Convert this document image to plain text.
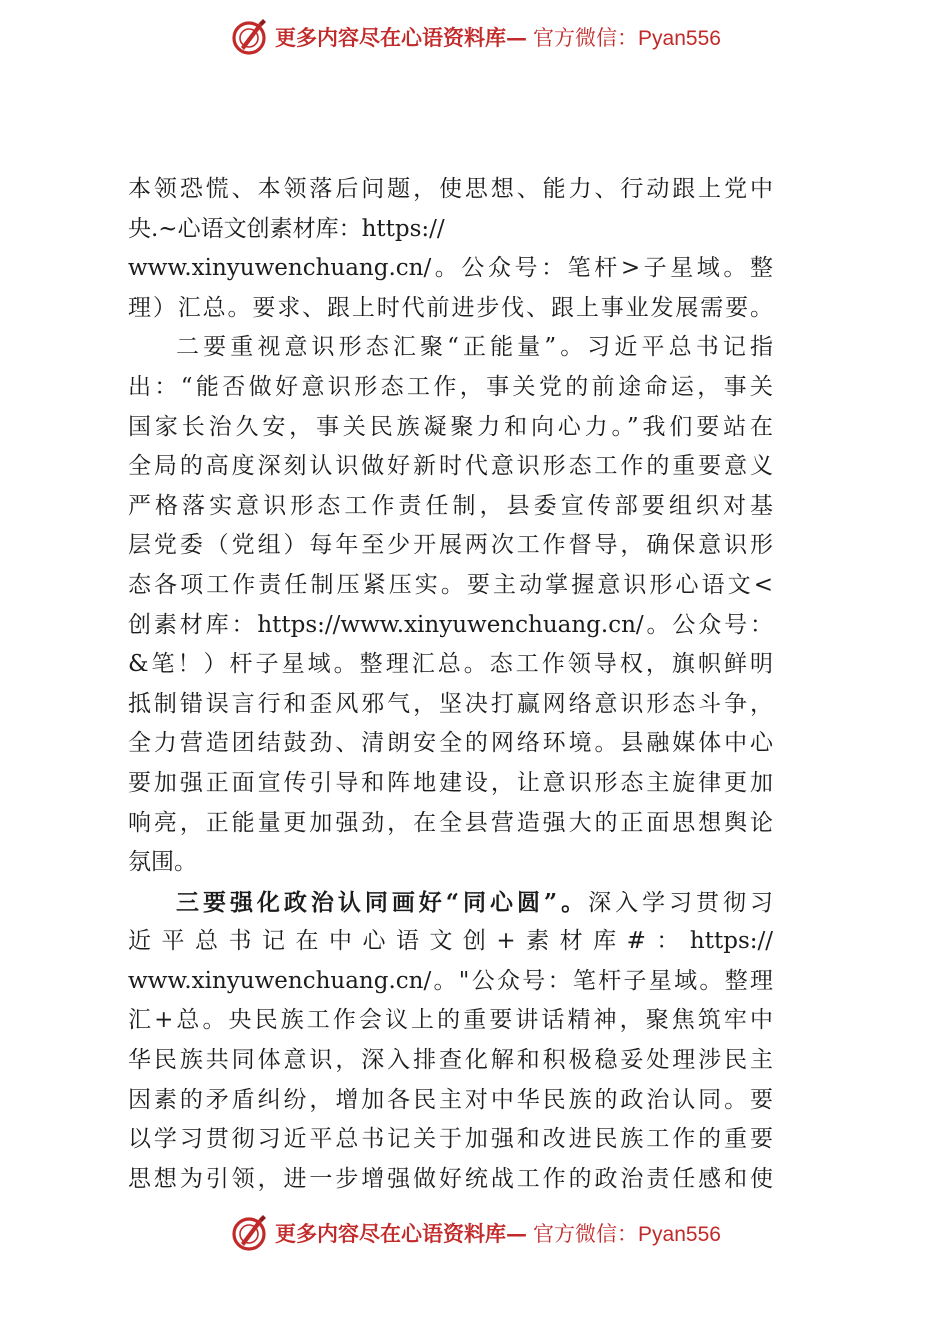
更多内容尽在心语资料库— 官方微信：Pyan556
本领恐慌、本领落后问题，使思想、能力、行动跟上党中
央.~心语文创素材库：https://
www.xinyuwenchuang.cn/。公众号：笔杆>子星域。整
理）汇总。要求、跟上时代前进步伐、跟上事业发展需要。
二要重视意识形态汇聚“正能量”。习近平总书记指
出：“能否做好意识形态工作，事关党的前途命运，事关
国家长治久安，事关民族凝聚力和向心力。”我们要站在
全局的高度深刻认识做好新时代意识形态工作的重要意义
严格落实意识形态工作责任制，县委宣传部要组织对基
层党委（党组）每年至少开展两次工作督导，确保意识形
态各项工作责任制压紧压实。要主动掌握意识形心语文<
创素材库：https://www.xinyuwenchuang.cn/。公众号：
&笔！）杆子星域。整理汇总。态工作领导权，旗帜鲜明
抵制错误言行和歪风邪气，坚决打赢网络意识形态斗争，
全力营造团结鼓劲、清朗安全的网络环境。县融媒体中心
要加强正面宣传引导和阵地建设，让意识形态主旋律更加
响亮，正能量更加强劲，在全县营造强大的正面思想舆论
氛围。
三要强化政治认同画好“同心圆”。深入学习贯彻习
近平总书记在中心语文创+素材库#：https://
www.xinyuwenchuang.cn/。"公众号：笔杆子星域。整理
汇+总。央民族工作会议上的重要讲话精神，聚焦筑牢中
华民族共同体意识，深入排查化解和积极稳妥处理涉民主
因素的矛盾纠纷，增加各民主对中华民族的政治认同。要
以学习贯彻习近平总书记关于加强和改进民族工作的重要
思想为引领，进一步增强做好统战工作的政治责任感和使
更多内容尽在心语资料库— 官方微信：Pyan556
